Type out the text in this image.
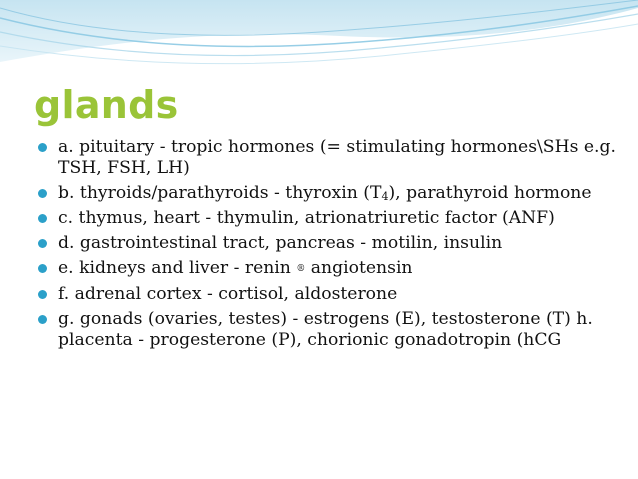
glands
a. pituitary - tropic hormones (= stimulating hormones\SHs e.g. TSH, FSH, LH)
b. thyroids/parathyroids - thyroxin $(T_4)$, parathyroid hormone
c. thymus, heart - thymulin, atrionatriuretic factor (ANF)
d. gastrointestinal tract, pancreas - motilin, insulin
e. kidneys and liver - renin ® angiotensin
f. adrenal cortex - cortisol, aldosterone
g. gonads (ovaries, testes) - estrogens (E), testosterone (T) h. placenta - progesterone (P), chorionic gonadotropin (hCG
